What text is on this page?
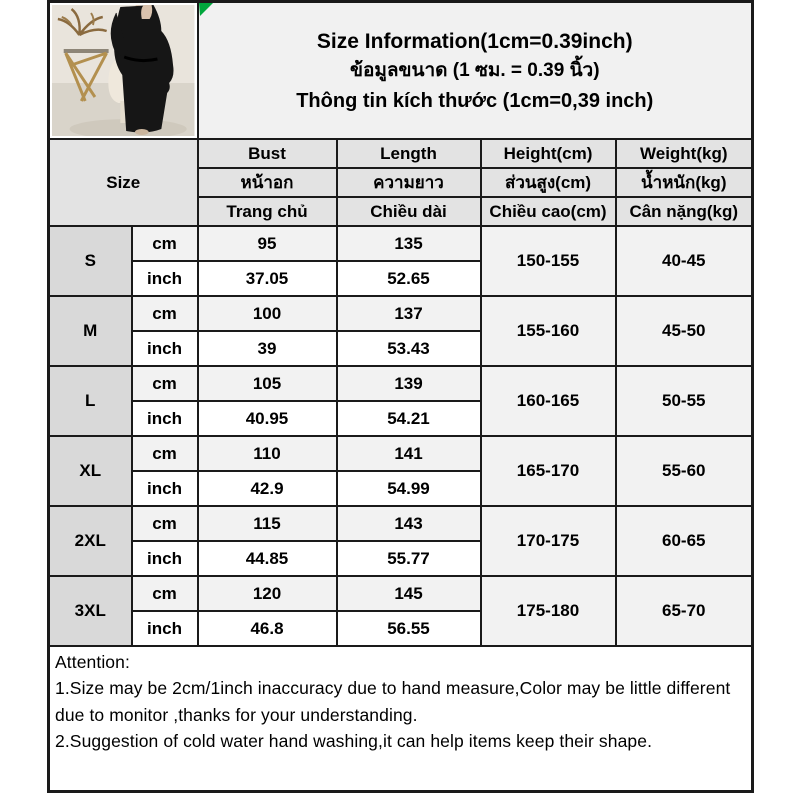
Size Information(1cm=0.39inch)
ข้อมูลขนาด (1 ซม. = 0.39 นิ้ว)
Thông tin kích thước (1cm=0,39 inch)			

Size		Bust	Length	Height(cm)	Weight(kg)
		หน้าอก	ความยาว	ส่วนสูง(cm)	น้ำหนัก(kg)
		Trang chủ	Chiều dài	Chiều cao(cm)	Cân nặng(kg)
S	cm	95	135	150-155	40-45
	inch	37.05	52.65		
M	cm	100	137	155-160	45-50
	inch	39	53.43		
L	cm	105	139	160-165	50-55
	inch	40.95	54.21		
XL	cm	110	141	165-170	55-60
	inch	42.9	54.99		
2XL	cm	115	143	170-175	60-65
	inch	44.85	55.77		
3XL	cm	120	145	175-180	65-70
	inch	46.8	56.55		

Attention:
1.Size may be 2cm/1inch inaccuracy due to hand measure,Color may be little different due to monitor ,thanks for your understanding.
2.Suggestion of cold water hand washing,it can help items keep their shape.					
